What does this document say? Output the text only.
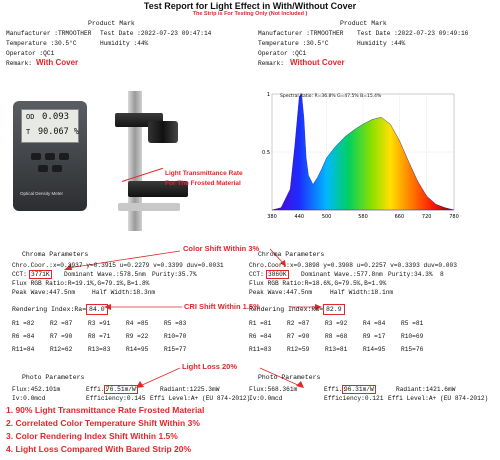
Test Report for Light Effect in With/Without Cover
The Strip is For Testing Only (Not Included )
Product Mark
Manufacturer :TRMOOTHER Test Date :2022-07-23 09:47:14
Temperature :30.5°C	Humidity :44%
Operator :QC1
Remark: With Cover
Product Mark
Manufacturer :TRMOOTHER Test Date :2022-07-23 09:49:16
Temperature :30.5°C	Humidity :44%
Operator :QC1
Remark: Without Cover
OD 0.093
T 90.067 %
Optical Density Meter
Light Transmittance Rate
For The Frosted Material
380	440	500	580	660	720	780
1
0.5
Spectral Ratio: R=36.8% G=47.5% B=15.4%
Color Shift Within 3%
Chroma Parameters
Chro.Coor.:x=0.3937 y=0.3915 u=0.2279 v=0.3399 duv=0.0031
CCT: 3771K	Dominant Wave.:578.5nm Purity:35.7%
Flux RGB Ratio:R=19.1%,G=79.1%,B=1.8%
Peak Wave:447.5nm	Half Width:18.3nm
Chroma Parameters
Chro.Coor.:x=0.3898 y=0.3908 u=0.2257 v=0.3393 duv=0.003
CCT: 3860K	Dominant Wave.:577.8nm Purity:34.3% 8
Flux RGB Ratio:R=18.6%,G=79.5%,B=1.9%
Peak Wave:447.5nm	Half Width:18.1nm
CRI Shift Within 1.5%
Rendering Index:Ra= 84.0
R1 =82	R2 =87	R3 =91	R4 =85	R5 =83
R6 =84	R7 =90	R8 =71	R9 =22	R10=70
R11=84	R12=62	R13=83	R14=95	R15=77
Rendering Index:Ra= 82.9
R1 =81	R2 =87	R3 =92	R4 =84	R5 =81
R6 =84	R7 =90	R8 =68	R9 =17	R10=69
R11=83	R12=59	R13=81	R14=95	R15=76
Light Loss 20%
Photo Parameters
Flux:452.101m	Effi.:
76.51m/W	Radiant:1225.3mW
Iv:0.0mcd	Efficiency:0.145 Effi Level:A+ (EU 874-2012)
Photo Parameters
Flux:568.361m	Effi.:
96.31m/W	Radiant:1421.6mW
Iv:0.0mcd	Efficiency:0.121 Effi Level:A+ (EU 874-2012)
1. 90% Light Transmittance Rate Frosted Material
2. Correlated Color Temperature Shift Within 3%
3. Color Rendering Index Shift Within 1.5%
4. Light Loss Compared With Bared Strip 20%
